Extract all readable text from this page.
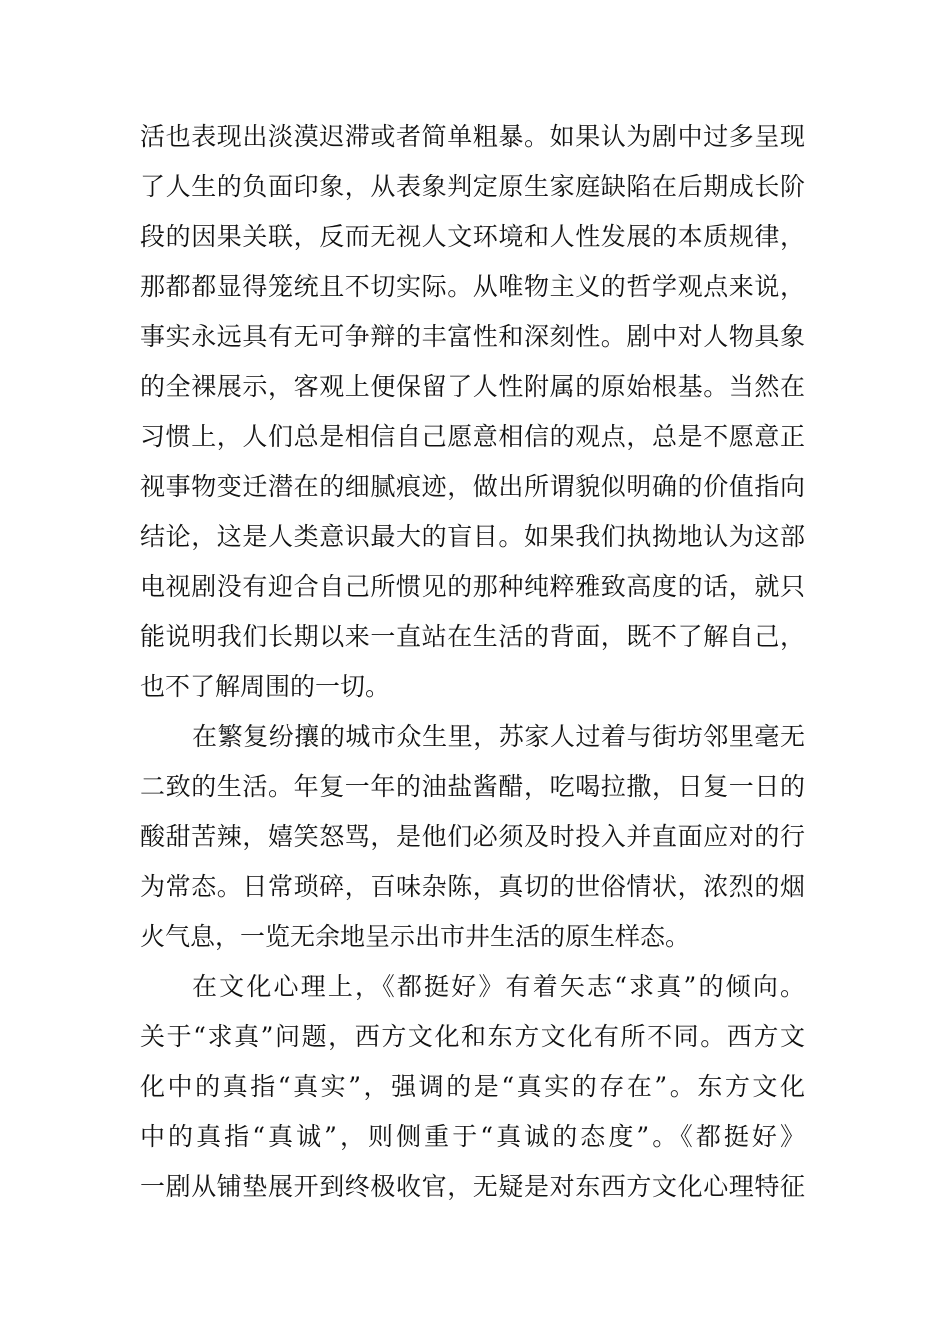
活也表现出淡漠迟滞或者简单粗暴。如果认为剧中过多呈现
了人生的负面印象，从表象判定原生家庭缺陷在后期成长阶
段的因果关联，反而无视人文环境和人性发展的本质规律，
那都都显得笼统且不切实际。从唯物主义的哲学观点来说，
事实永远具有无可争辩的丰富性和深刻性。剧中对人物具象
的全裸展示，客观上便保留了人性附属的原始根基。当然在
习惯上，人们总是相信自己愿意相信的观点，总是不愿意正
视事物变迁潜在的细腻痕迹，做出所谓貌似明确的价值指向
结论，这是人类意识最大的盲目。如果我们执拗地认为这部
电视剧没有迎合自己所惯见的那种纯粹雅致高度的话，就只
能说明我们长期以来一直站在生活的背面，既不了解自己，
也不了解周围的一切。
在繁复纷攘的城市众生里，苏家人过着与街坊邻里毫无
二致的生活。年复一年的油盐酱醋，吃喝拉撒，日复一日的
酸甜苦辣，嬉笑怒骂，是他们必须及时投入并直面应对的行
为常态。日常琐碎，百味杂陈，真切的世俗情状，浓烈的烟
火气息，一览无余地呈示出市井生活的原生样态。
在文化心理上，《都挺好》有着矢志“求真”的倾向。
关于“求真”问题，西方文化和东方文化有所不同。西方文
化中的真指“真实”，强调的是“真实的存在”。东方文化
中的真指“真诚”，则侧重于“真诚的态度”。《都挺好》
一剧从铺垫展开到终极收官，无疑是对东西方文化心理特征
